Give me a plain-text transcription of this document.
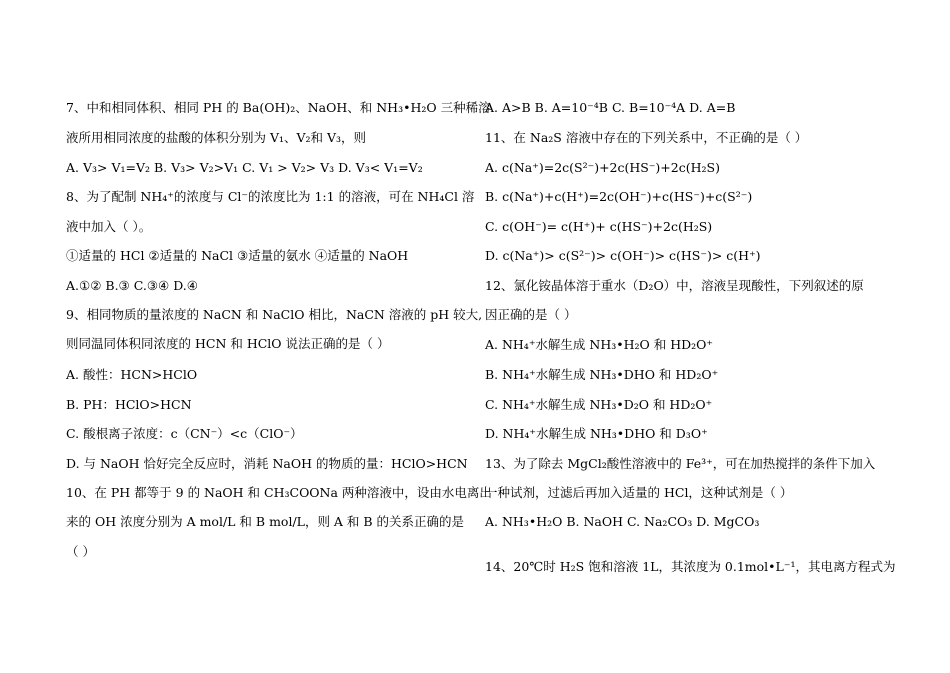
7、中和相同体积、相同 PH 的 Ba(OH)₂、NaOH、和 NH₃•H₂O 三种稀溶
液所用相同浓度的盐酸的体积分别为 V₁、V₂和 V₃，则
A. V₃> V₁=V₂ B. V₃> V₂>V₁ C. V₁ > V₂> V₃ D. V₃< V₁=V₂
8、为了配制 NH₄⁺的浓度与 Cl⁻的浓度比为 1:1 的溶液，可在 NH₄Cl 溶
液中加入（ ）。
①适量的 HCl ②适量的 NaCl ③适量的氨水 ④适量的 NaOH
A.①② B.③ C.③④ D.④
9、相同物质的量浓度的 NaCN 和 NaClO 相比，NaCN 溶液的 pH 较大,
则同温同体积同浓度的 HCN 和 HClO 说法正确的是（ ）
A. 酸性：HCN>HClO
B. PH：HClO>HCN
C. 酸根离子浓度：c（CN⁻）<c（ClO⁻）
D. 与 NaOH 恰好完全反应时，消耗 NaOH 的物质的量：HClO>HCN
10、在 PH 都等于 9 的 NaOH 和 CH₃COONa 两种溶液中，设由水电离出
来的 OH 浓度分别为 A mol/L 和 B mol/L，则 A 和 B 的关系正确的是
（ ）
A. A>B B. A=10⁻⁴B C. B=10⁻⁴A D. A=B
11、在 Na₂S 溶液中存在的下列关系中，不正确的是（ ）
A. c(Na⁺)=2c(S²⁻)+2c(HS⁻)+2c(H₂S)
B. c(Na⁺)+c(H⁺)=2c(OH⁻)+c(HS⁻)+c(S²⁻)
C. c(OH⁻)= c(H⁺)+ c(HS⁻)+2c(H₂S)
D. c(Na⁺)> c(S²⁻)> c(OH⁻)> c(HS⁻)> c(H⁺)
12、氯化铵晶体溶于重水（D₂O）中，溶液呈现酸性，下列叙述的原
因正确的是（ ）
A. NH₄⁺水解生成 NH₃•H₂O 和 HD₂O⁺
B. NH₄⁺水解生成 NH₃•DHO 和 HD₂O⁺
C. NH₄⁺水解生成 NH₃•D₂O 和 HD₂O⁺
D. NH₄⁺水解生成 NH₃•DHO 和 D₃O⁺
13、为了除去 MgCl₂酸性溶液中的 Fe³⁺，可在加热搅拌的条件下加入
一种试剂，过滤后再加入适量的 HCl，这种试剂是（ ）
A. NH₃•H₂O B. NaOH C. Na₂CO₃ D. MgCO₃
14、20℃时 H₂S 饱和溶液 1L，其浓度为 0.1mol•L⁻¹，其电离方程式为
